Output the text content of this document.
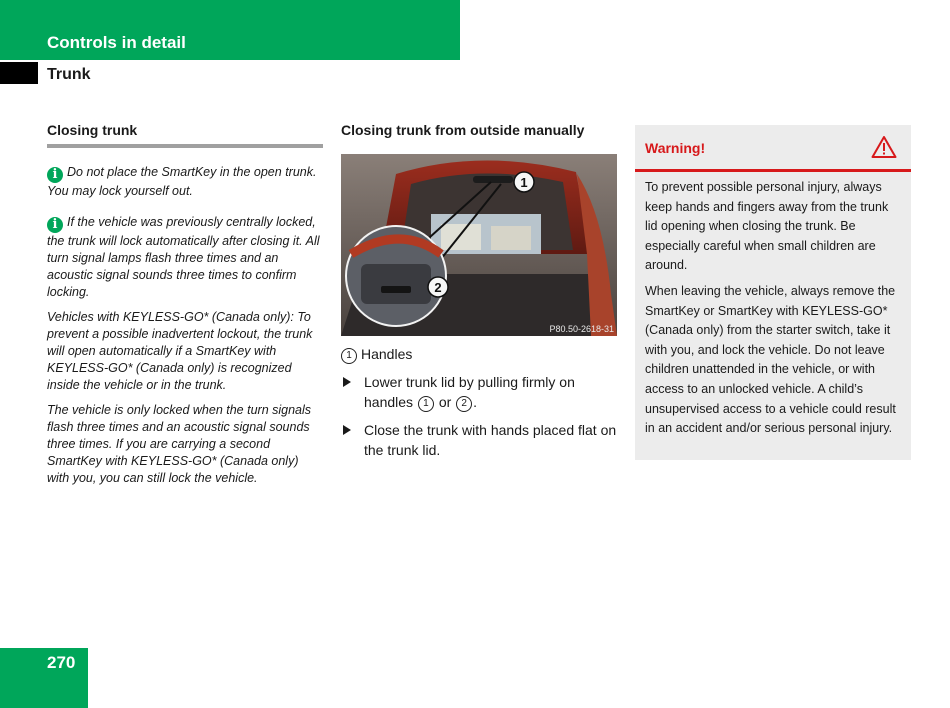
Controls in detail
Trunk
Closing trunk
i Do not place the SmartKey in the open trunk. You may lock yourself out.
i If the vehicle was previously centrally locked, the trunk will lock automatically after closing it. All turn signal lamps flash three times and an acoustic signal sounds three times to confirm locking.
Vehicles with KEYLESS-GO* (Canada only): To prevent a possible inadvertent lockout, the trunk will open automatically if a SmartKey with KEYLESS-GO* (Canada only) is recognized inside the vehicle or in the trunk.
The vehicle is only locked when the turn signals flash three times and an acoustic signal sounds three times. If you are carrying a second SmartKey with KEYLESS-GO* (Canada only) with you, you can still lock the vehicle.
Closing trunk from outside manually
1
2
P80.50-2618-31
1 Handles
Lower trunk lid by pulling firmly on handles 1 or 2 .
Close the trunk with hands placed flat on the trunk lid.
Warning!

To prevent possible personal injury, always keep hands and fingers away from the trunk lid opening when closing the trunk. Be especially careful when small children are around.

When leaving the vehicle, always remove the SmartKey or SmartKey with KEYLESS-GO* (Canada only) from the starter switch, take it with you, and lock the vehicle. Do not leave children unattended in the vehicle, or with access to an unlocked vehicle. A child’s unsupervised access to a vehicle could result in an accident and/or serious personal injury.

270
